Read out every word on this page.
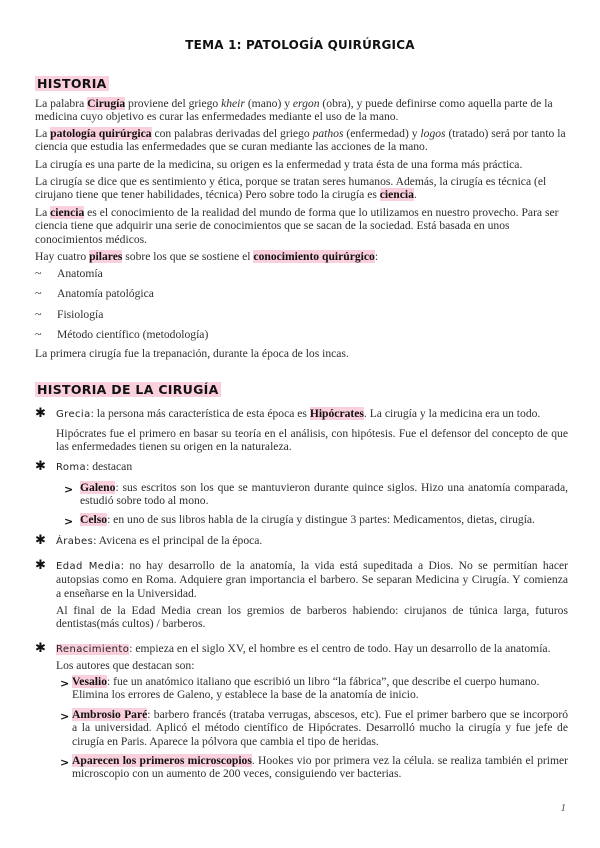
TEMA 1: PATOLOGÍA QUIRÚRGICA
HISTORIA

La palabra Cirugía proviene del griego kheir (mano) y ergon (obra), y puede definirse como aquella parte de la medicina cuyo objetivo es curar las enfermedades mediante el uso de la mano.

La patología quirúrgica con palabras derivadas del griego pathos (enfermedad) y logos (tratado) será por tanto la ciencia que estudia las enfermedades que se curan mediante las acciones de la mano.

La cirugía es una parte de la medicina, su origen es la enfermedad y trata ésta de una forma más práctica.

La cirugía se dice que es sentimiento y ética, porque se tratan seres humanos. Además, la cirugía es técnica (el cirujano tiene que tener habilidades, técnica) Pero sobre todo la cirugía es ciencia.

La ciencia es el conocimiento de la realidad del mundo de forma que lo utilizamos en nuestro provecho. Para ser ciencia tiene que adquirir una serie de conocimientos que se sacan de la sociedad. Está basada en unos conocimientos médicos.

Hay cuatro pilares sobre los que se sostiene el conocimiento quirúrgico:

~	Anatomía
~	Anatomía patológica
~	Fisiología
~	Método científico (metodología)

La primera cirugía fue la trepanación, durante la época de los incas.

HISTORIA DE LA CIRUGÍA
✱ Grecia: la persona más característica de esta época es Hipócrates. La cirugía y la medicina era un todo.

Hipócrates fue el primero en basar su teoría en el análisis, con hipótesis. Fue el defensor del concepto de que las enfermedades tienen su origen en la naturaleza.

✱ Roma: destacan

> Galeno: sus escritos son los que se mantuvieron durante quince siglos. Hizo una anatomía comparada, estudió sobre todo al mono.

> Celso: en uno de sus libros habla de la cirugía y distingue 3 partes: Medicamentos, dietas, cirugía.

✱ Árabes: Avicena es el principal de la época.

✱ Edad Media: no hay desarrollo de la anatomía, la vida está supeditada a Dios. No se permitían hacer autopsias como en Roma. Adquiere gran importancia el barbero. Se separan Medicina y Cirugía. Y comienza a enseñarse en la Universidad.

Al final de la Edad Media crean los gremios de barberos habiendo: cirujanos de túnica larga, futuros dentistas(más cultos) / barberos.

✱ Renacimiento: empieza en el siglo XV, el hombre es el centro de todo. Hay un desarrollo de la anatomía.

Los autores que destacan son:

> Vesalio: fue un anatómico italiano que escribió un libro “la fábrica”, que describe el cuerpo humano. Elimina los errores de Galeno, y establece la base de la anatomía de inicio.

> Ambrosio Paré: barbero francés (trataba verrugas, abscesos, etc). Fue el primer barbero que se incorporó a la universidad. Aplicó el método científico de Hipócrates. Desarrolló mucho la cirugía y fue jefe de cirugía en Paris. Aparece la pólvora que cambia el tipo de heridas.

> Aparecen los primeros microscopios. Hookes vio por primera vez la célula. se realiza también el primer microscopio con un aumento de 200 veces, consiguiendo ver bacterias.

1
